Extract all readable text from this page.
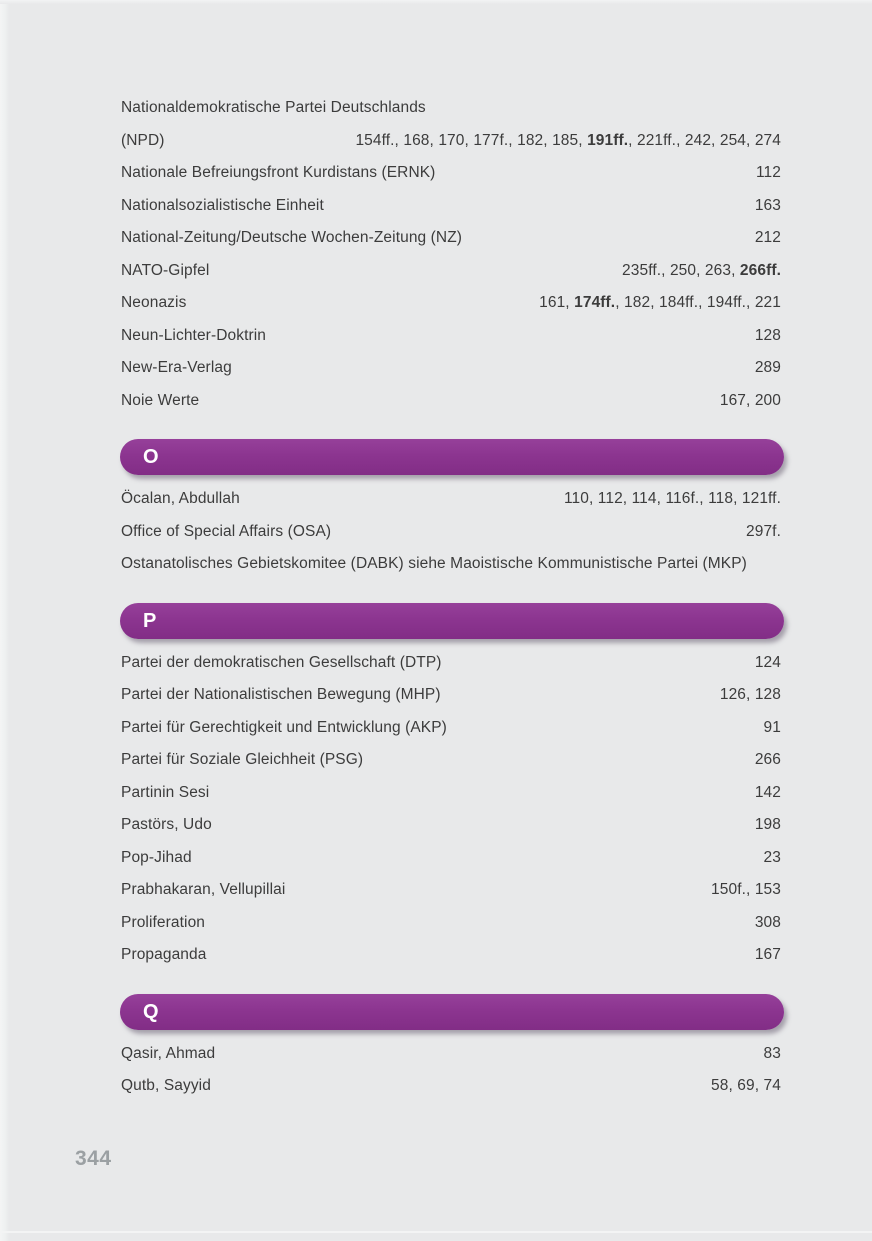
Nationaldemokratische Partei Deutschlands
(NPD)	154ff., 168, 170, 177f., 182, 185, 191ff., 221ff., 242, 254, 274
Nationale Befreiungsfront Kurdistans (ERNK)	112
Nationalsozialistische Einheit	163
National-Zeitung/Deutsche Wochen-Zeitung (NZ)	212
NATO-Gipfel	235ff., 250, 263, 266ff.
Neonazis	161, 174ff., 182, 184ff., 194ff., 221
Neun-Lichter-Doktrin	128
New-Era-Verlag	289
Noie Werte	167, 200
O
Öcalan, Abdullah	110, 112, 114, 116f., 118, 121ff.
Office of Special Affairs (OSA)	297f.
Ostanatolisches Gebietskomitee (DABK) siehe Maoistische Kommunistische Partei (MKP)
P
Partei der demokratischen Gesellschaft (DTP)	124
Partei der Nationalistischen Bewegung (MHP)	126, 128
Partei für Gerechtigkeit und Entwicklung (AKP)	91
Partei für Soziale Gleichheit (PSG)	266
Partinin Sesi	142
Pastörs, Udo	198
Pop-Jihad	23
Prabhakaran, Vellupillai	150f., 153
Proliferation	308
Propaganda	167
Q
Qasir, Ahmad	83
Qutb, Sayyid	58, 69, 74
344
